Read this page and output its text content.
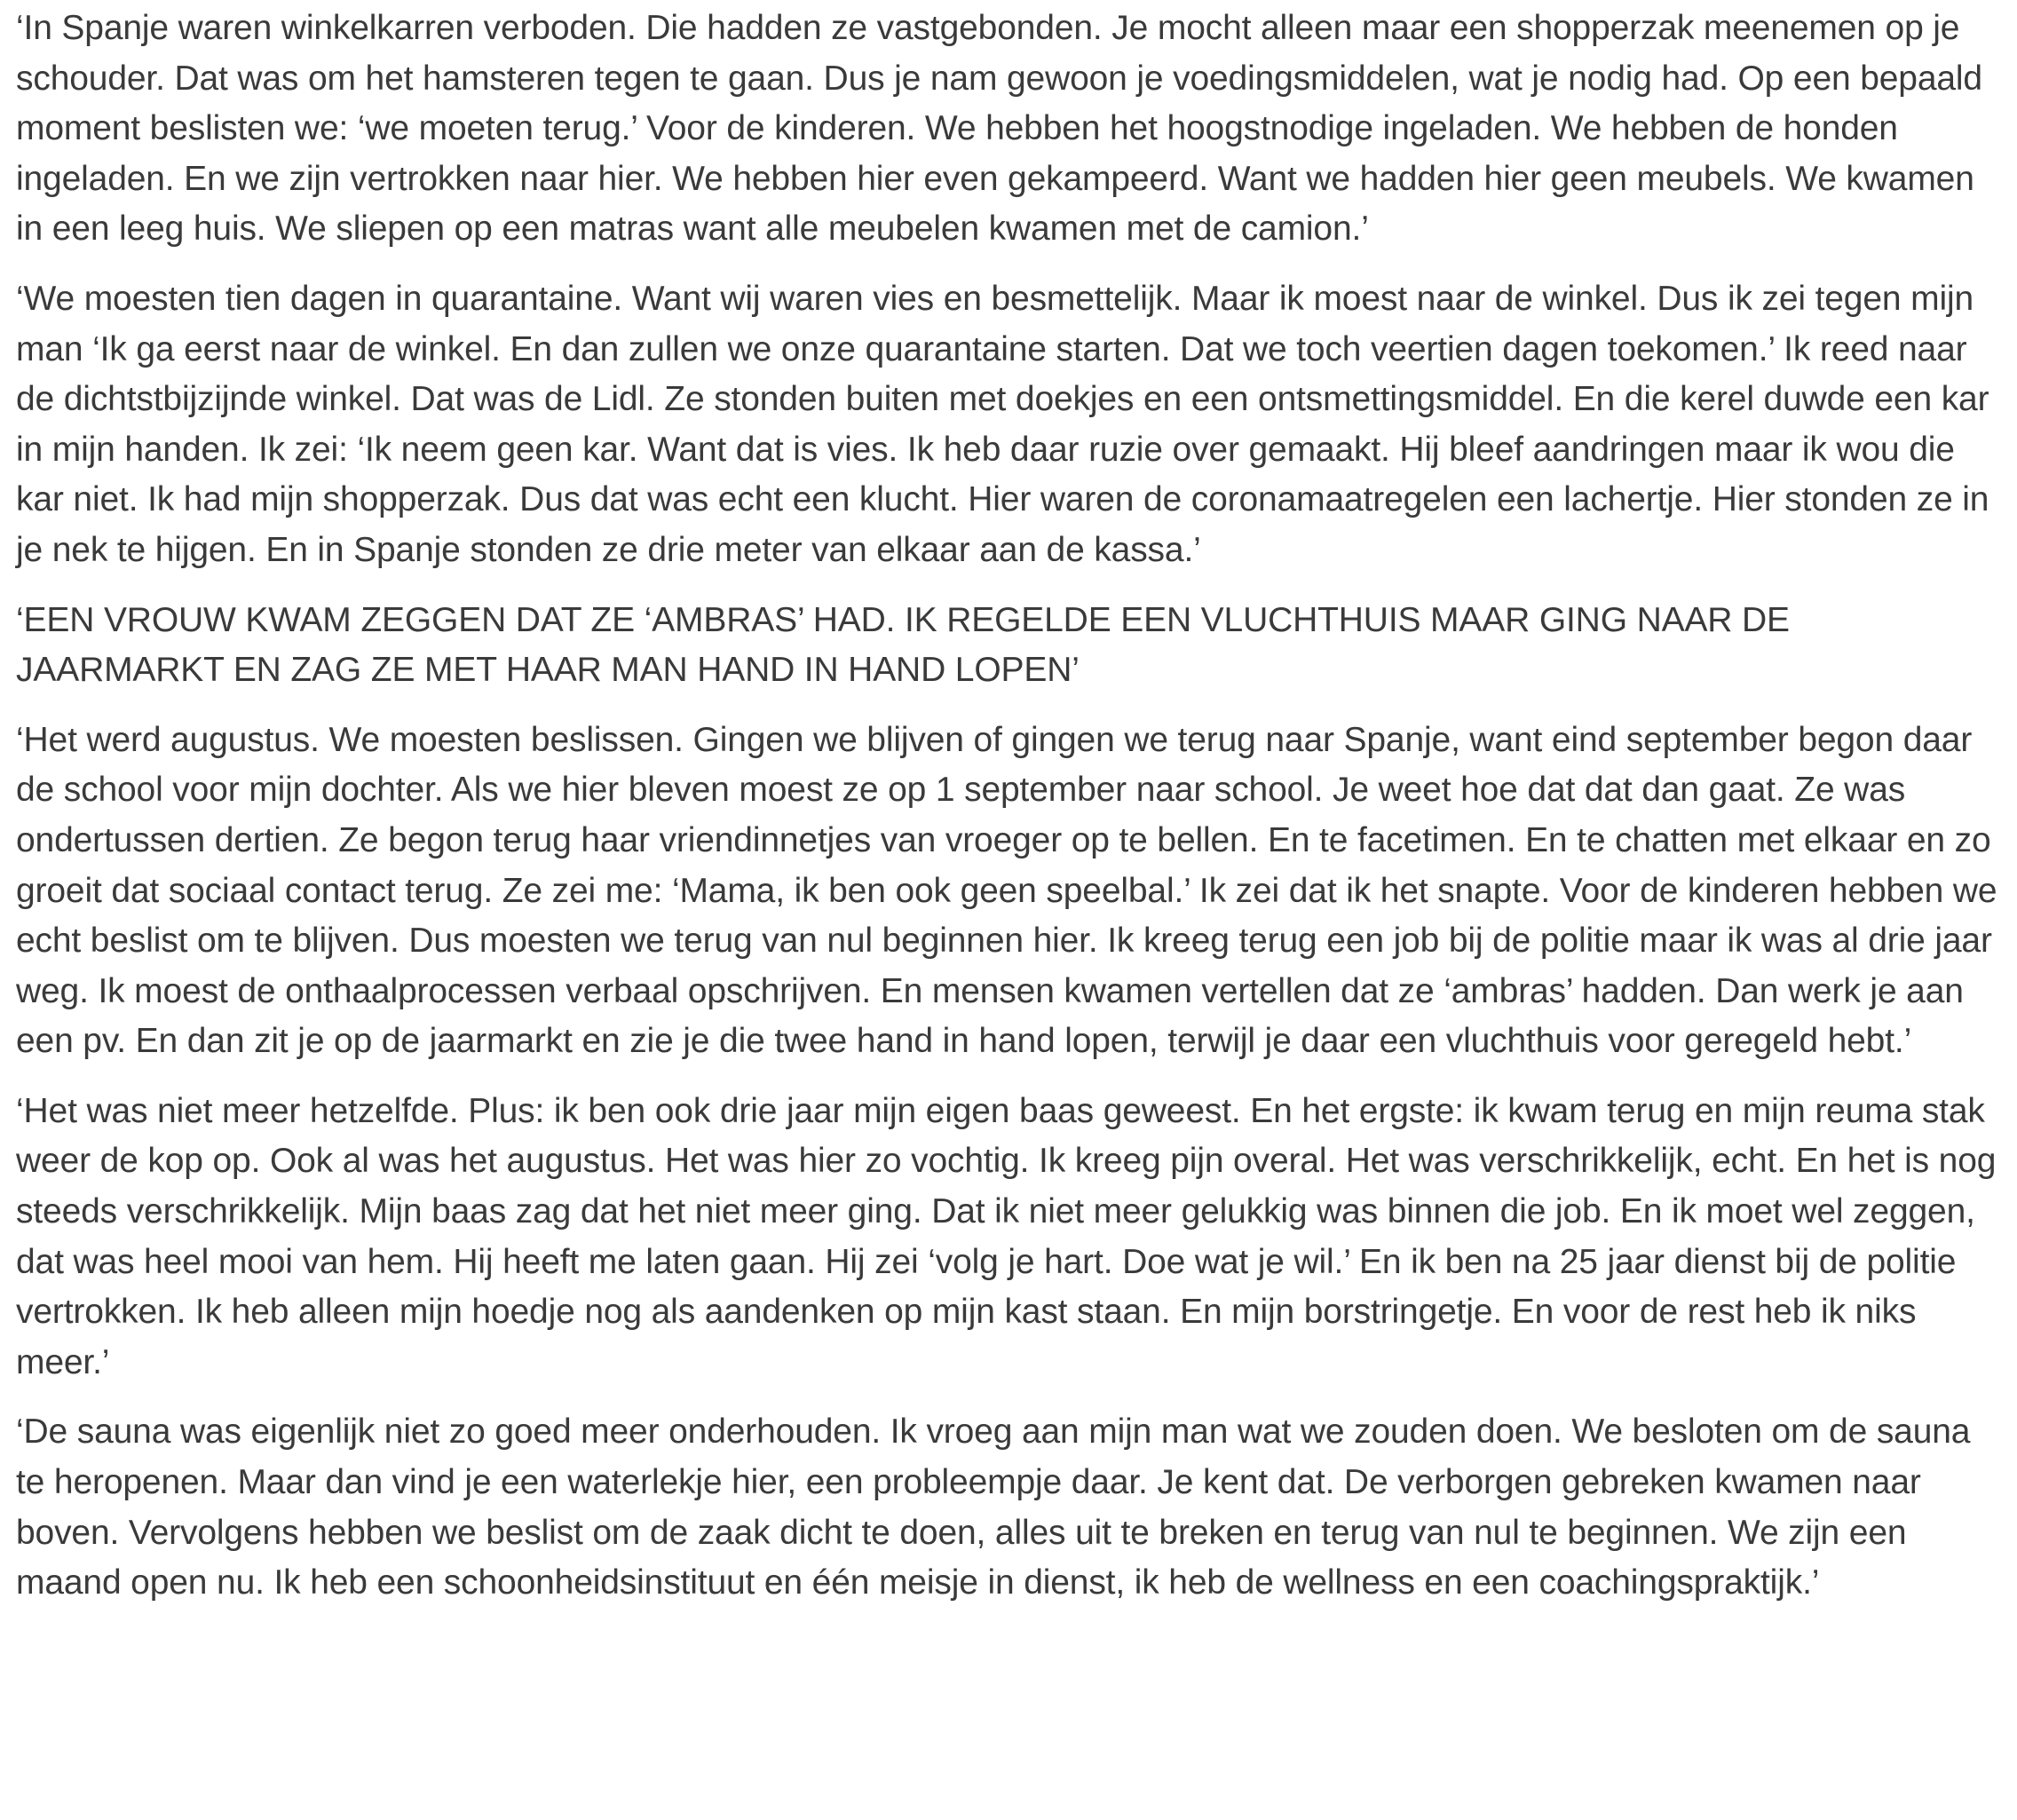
‘In Spanje waren winkelkarren verboden. Die hadden ze vastgebonden. Je mocht alleen maar een shopperzak meenemen op je schouder. Dat was om het hamsteren tegen te gaan. Dus je nam gewoon je voedingsmiddelen, wat je nodig had. Op een bepaald moment beslisten we: ‘we moeten terug.’ Voor de kinderen. We hebben het hoogstnodige ingeladen. We hebben de honden ingeladen. En we zijn vertrokken naar hier. We hebben hier even gekampeerd. Want we hadden hier geen meubels. We kwamen in een leeg huis. We sliepen op een matras want alle meubelen kwamen met de camion.’

‘We moesten tien dagen in quarantaine. Want wij waren vies en besmettelijk. Maar ik moest naar de winkel. Dus ik zei tegen mijn man ‘Ik ga eerst naar de winkel. En dan zullen we onze quarantaine starten. Dat we toch veertien dagen toekomen.’ Ik reed naar de dichtstbijzijnde winkel. Dat was de Lidl. Ze stonden buiten met doekjes en een ontsmettingsmiddel. En die kerel duwde een kar in mijn handen. Ik zei: ‘Ik neem geen kar. Want dat is vies. Ik heb daar ruzie over gemaakt. Hij bleef aandringen maar ik wou die kar niet. Ik had mijn shopperzak. Dus dat was echt een klucht. Hier waren de coronamaatregelen een lachertje. Hier stonden ze in je nek te hijgen. En in Spanje stonden ze drie meter van elkaar aan de kassa.’

‘EEN VROUW KWAM ZEGGEN DAT ZE ‘AMBRAS’ HAD. IK REGELDE EEN VLUCHTHUIS MAAR GING NAAR DE JAARMARKT EN ZAG ZE MET HAAR MAN HAND IN HAND LOPEN’

‘Het werd augustus. We moesten beslissen. Gingen we blijven of gingen we terug naar Spanje, want eind september begon daar de school voor mijn dochter. Als we hier bleven moest ze op 1 september naar school. Je weet hoe dat dat dan gaat. Ze was ondertussen dertien. Ze begon terug haar vriendinnetjes van vroeger op te bellen. En te facetimen. En te chatten met elkaar en zo groeit dat sociaal contact terug. Ze zei me: ‘Mama, ik ben ook geen speelbal.’ Ik zei dat ik het snapte. Voor de kinderen hebben we echt beslist om te blijven. Dus moesten we terug van nul beginnen hier. Ik kreeg terug een job bij de politie maar ik was al drie jaar weg. Ik moest de onthaalprocessen verbaal opschrijven. En mensen kwamen vertellen dat ze ‘ambras’ hadden. Dan werk je aan een pv. En dan zit je op de jaarmarkt en zie je die twee hand in hand lopen, terwijl je daar een vluchthuis voor geregeld hebt.’

‘Het was niet meer hetzelfde. Plus: ik ben ook drie jaar mijn eigen baas geweest. En het ergste: ik kwam terug en mijn reuma stak weer de kop op. Ook al was het augustus. Het was hier zo vochtig. Ik kreeg pijn overal. Het was verschrikkelijk, echt. En het is nog steeds verschrikkelijk. Mijn baas zag dat het niet meer ging. Dat ik niet meer gelukkig was binnen die job. En ik moet wel zeggen, dat was heel mooi van hem. Hij heeft me laten gaan. Hij zei ‘volg je hart. Doe wat je wil.’ En ik ben na 25 jaar dienst bij de politie vertrokken. Ik heb alleen mijn hoedje nog als aandenken op mijn kast staan. En mijn borstringetje. En voor de rest heb ik niks meer.’

‘De sauna was eigenlijk niet zo goed meer onderhouden. Ik vroeg aan mijn man wat we zouden doen. We besloten om de sauna te heropenen. Maar dan vind je een waterlekje hier, een probleempje daar. Je kent dat. De verborgen gebreken kwamen naar boven. Vervolgens hebben we beslist om de zaak dicht te doen, alles uit te breken en terug van nul te beginnen. We zijn een maand open nu. Ik heb een schoonheidsinstituut en één meisje in dienst, ik heb de wellness en een coachingspraktijk.’
